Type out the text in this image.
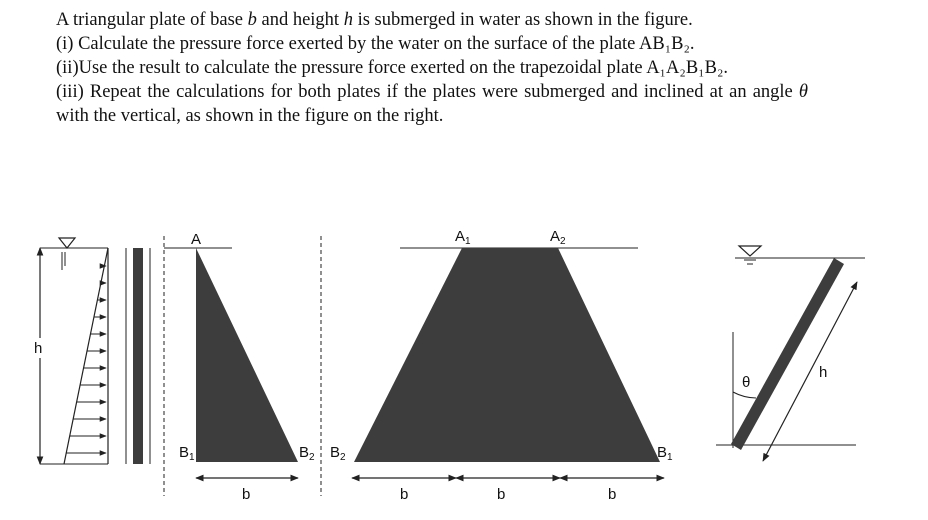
A triangular plate of base b and height h is submerged in water as shown in the figure.

(i) Calculate the pressure force exerted by the water on the surface of the plate AB₁B₂.

(ii)Use the result to calculate the pressure force exerted on the trapezoidal plate A₁A₂B₁B₂.

(iii) Repeat the calculations for both plates if the plates were submerged and inclined at an angle θ with the vertical, as shown in the figure on the right.

h
A
$B_1$	$B_2$
b
$A_1$	$A_2$
$B_2$	$B_1$
b	b	b
θ
h
